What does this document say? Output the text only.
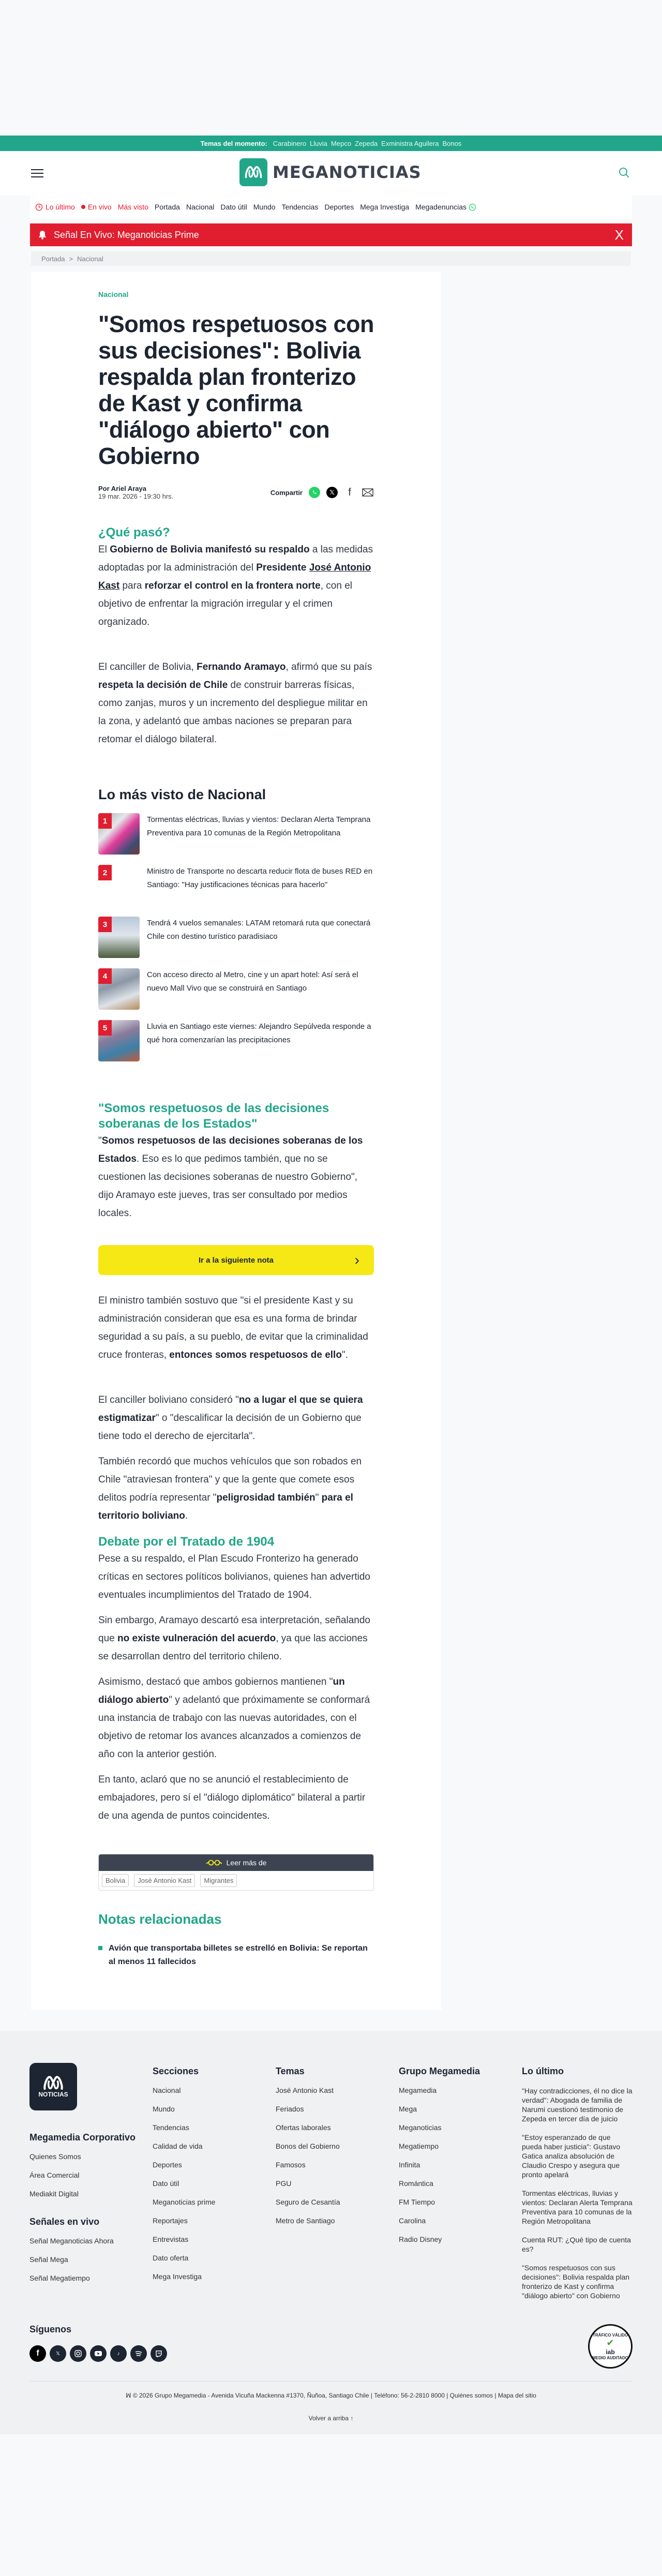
Temas del momento: Carabinero Lluvia Mepco Zepeda Exministra Aguilera Bonos
MEGANOTICIAS
Lo último En vivo Más visto Portada Nacional Dato útil Mundo Tendencias Deportes Mega Investiga Megadenuncias
Señal En Vivo: Meganoticias Prime	X
Portada > Nacional
Nacional
"Somos respetuosos con sus decisiones": Bolivia respalda plan fronterizo de Kast y confirma "diálogo abierto" con Gobierno
Por Ariel Araya
19 mar. 2026 - 19:30 hrs.	Compartir	𝕏	f
¿Qué pasó?

El Gobierno de Bolivia manifestó su respaldo a las medidas adoptadas por la administración del Presidente José Antonio Kast para reforzar el control en la frontera norte, con el objetivo de enfrentar la migración irregular y el crimen organizado.

El canciller de Bolivia, Fernando Aramayo, afirmó que su país respeta la decisión de Chile de construir barreras físicas, como zanjas, muros y un incremento del despliegue militar en la zona, y adelantó que ambas naciones se preparan para retomar el diálogo bilateral.

Lo más visto de Nacional
1	Tormentas eléctricas, lluvias y vientos: Declaran Alerta Temprana Preventiva para 10 comunas de la Región Metropolitana
2	Ministro de Transporte no descarta reducir flota de buses RED en Santiago: "Hay justificaciones técnicas para hacerlo"
3	Tendrá 4 vuelos semanales: LATAM retomará ruta que conectará Chile con destino turístico paradisiaco
4	Con acceso directo al Metro, cine y un apart hotel: Así será el nuevo Mall Vivo que se construirá en Santiago
5	Lluvia en Santiago este viernes: Alejandro Sepúlveda responde a qué hora comenzarían las precipitaciones
"Somos respetuosos de las decisiones soberanas de los Estados"

"Somos respetuosos de las decisiones soberanas de los Estados. Eso es lo que pedimos también, que no se cuestionen las decisiones soberanas de nuestro Gobierno", dijo Aramayo este jueves, tras ser consultado por medios locales.

Ir a la siguiente nota	›

El ministro también sostuvo que "si el presidente Kast y su administración consideran que esa es una forma de brindar seguridad a su país, a su pueblo, de evitar que la criminalidad cruce fronteras, entonces somos respetuosos de ello".

El canciller boliviano consideró "no a lugar el que se quiera estigmatizar" o "descalificar la decisión de un Gobierno que tiene todo el derecho de ejercitarla".

También recordó que muchos vehículos que son robados en Chile "atraviesan frontera" y que la gente que comete esos delitos podría representar "peligrosidad también" para el territorio boliviano.

Debate por el Tratado de 1904

Pese a su respaldo, el Plan Escudo Fronterizo ha generado críticas en sectores políticos bolivianos, quienes han advertido eventuales incumplimientos del Tratado de 1904.

Sin embargo, Aramayo descartó esa interpretación, señalando que no existe vulneración del acuerdo, ya que las acciones se desarrollan dentro del territorio chileno.

Asimismo, destacó que ambos gobiernos mantienen "un diálogo abierto" y adelantó que próximamente se conformará una instancia de trabajo con las nuevas autoridades, con el objetivo de retomar los avances alcanzados a comienzos de año con la anterior gestión.

En tanto, aclaró que no se anunció el restablecimiento de embajadores, pero sí el "diálogo diplomático" bilateral a partir de una agenda de puntos coincidentes.

Leer más de
Bolivia	José Antonio Kast	Migrantes
Notas relacionadas
Avión que transportaba billetes se estrelló en Bolivia: Se reportan al menos 11 fallecidos
NOTICIAS
Megamedia Corporativo
Quienes Somos
Área Comercial
Mediakit Digital
Señales en vivo
Señal Meganoticias Ahora
Señal Mega
Señal Megatiempo
Secciones
Nacional
Mundo
Tendencias
Calidad de vida
Deportes
Dato útil
Meganoticias prime
Reportajes
Entrevistas
Dato oferta
Mega Investiga
Temas
José Antonio Kast
Feriados
Ofertas laborales
Bonos del Gobierno
Famosos
PGU
Seguro de Cesantía
Metro de Santiago
Grupo Megamedia
Megamedia
Mega
Meganoticias
Megatiempo
Infinita
Romántica
FM Tiempo
Carolina
Radio Disney
Lo último
"Hay contradicciones, él no dice la verdad": Abogada de familia de Narumi cuestionó testimonio de Zepeda en tercer día de juicio
"Estoy esperanzado de que pueda haber justicia": Gustavo Gatica analiza absolución de Claudio Crespo y asegura que pronto apelará
Tormentas eléctricas, lluvias y vientos: Declaran Alerta Temprana Preventiva para 10 comunas de la Región Metropolitana
Cuenta RUT: ¿Qué tipo de cuenta es?
"Somos respetuosos con sus decisiones": Bolivia respalda plan fronterizo de Kast y confirma "diálogo abierto" con Gobierno
Síguenos
f	𝕏	♪
TRÁFICO VÁLIDO
✔
iab
MEDIO AUDITADO
ꟽ © 2026 Grupo Megamedia - Avenida Vicuña Mackenna #1370, Ñuñoa, Santiago Chile | Teléfono: 56-2-2810 8000 | Quiénes somos | Mapa del sitio
Volver a arriba ↑
